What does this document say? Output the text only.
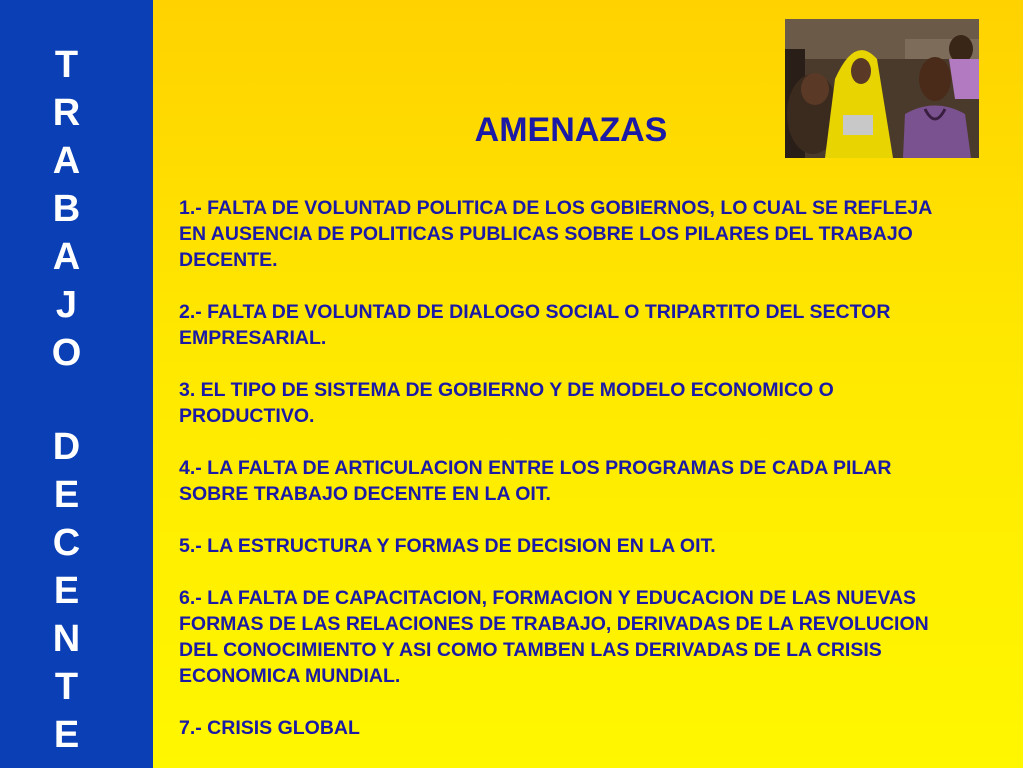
T
R
A
B
A
J
O
D
E
C
E
N
T
E
AMENAZAS
1.- FALTA DE VOLUNTAD POLITICA DE LOS GOBIERNOS, LO CUAL SE REFLEJA
EN AUSENCIA DE POLITICAS PUBLICAS SOBRE LOS PILARES DEL TRABAJO
DECENTE.
2.- FALTA DE VOLUNTAD DE DIALOGO SOCIAL O TRIPARTITO DEL SECTOR
EMPRESARIAL.
3. EL TIPO DE SISTEMA DE GOBIERNO Y DE MODELO ECONOMICO O
PRODUCTIVO.
4.- LA FALTA DE ARTICULACION ENTRE LOS PROGRAMAS DE CADA PILAR
SOBRE TRABAJO DECENTE EN LA OIT.
5.- LA ESTRUCTURA Y FORMAS DE DECISION EN LA OIT.
6.- LA FALTA DE CAPACITACION, FORMACION Y EDUCACION DE LAS NUEVAS
FORMAS DE LAS RELACIONES DE TRABAJO, DERIVADAS DE LA REVOLUCION
DEL CONOCIMIENTO Y ASI COMO TAMBEN LAS DERIVADAS DE LA CRISIS
ECONOMICA MUNDIAL.
7.- CRISIS GLOBAL
